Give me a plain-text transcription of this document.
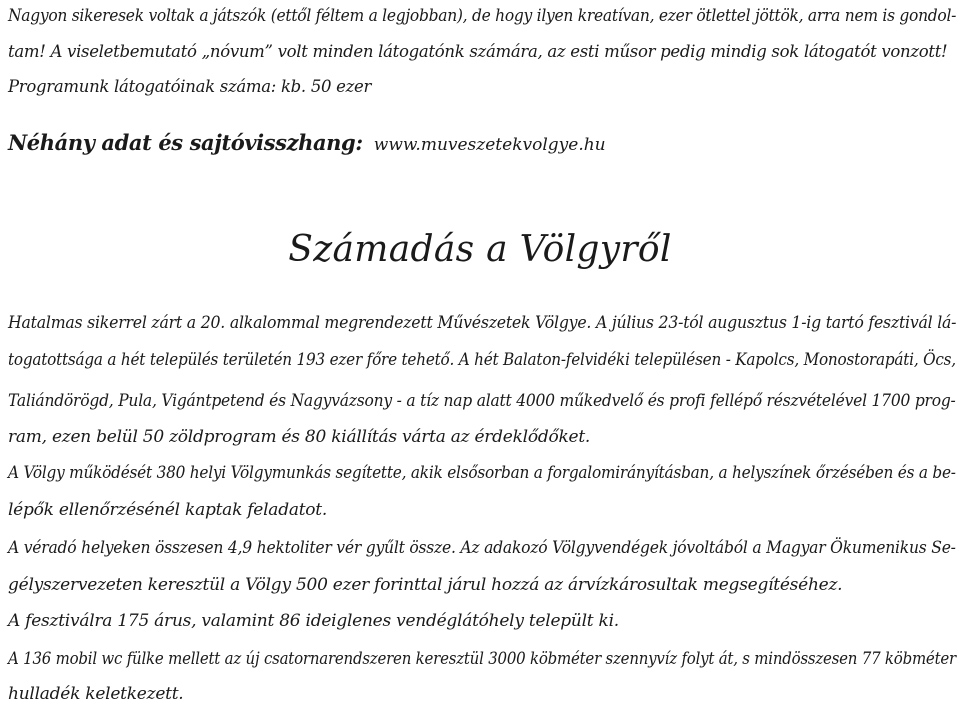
Nagyon sikeresek voltak a játszók (ettől féltem a legjobban), de hogy ilyen kreatívan, ezer ötlettel jöttök, arra nem is gondol-
tam! A viseletbemutató „nóvum” volt minden látogatónk számára, az esti műsor pedig mindig sok látogatót vonzott!
Programunk látogatóinak száma: kb. 50 ezer
Néhány adat és sajtóvisszhang: www.muveszetekvolgye.hu
Számadás a Völgyről
Hatalmas sikerrel zárt a 20. alkalommal megrendezett Művészetek Völgye. A július 23-tól augusztus 1-ig tartó fesztivál lá-
togatottsága a hét település területén 193 ezer főre tehető. A hét Balaton-felvidéki településen - Kapolcs, Monostorapáti, Öcs,
Taliándörögd, Pula, Vigántpetend és Nagyvázsony - a tíz nap alatt 4000 műkedvelő és profi fellépő részvételével 1700 prog-
ram, ezen belül 50 zöldprogram és 80 kiállítás várta az érdeklődőket.
A Völgy működését 380 helyi Völgymunkás segítette, akik elsősorban a forgalomirányításban, a helyszínek őrzésében és a be-
lépők ellenőrzésénél kaptak feladatot.
A véradó helyeken összesen 4,9 hektoliter vér gyűlt össze. Az adakozó Völgyvendégek jóvoltából a Magyar Ökumenikus Se-
gélyszervezeten keresztül a Völgy 500 ezer forinttal járul hozzá az árvízkárosultak megsegítéséhez.
A fesztiválra 175 árus, valamint 86 ideiglenes vendéglátóhely települt ki.
A 136 mobil wc fülke mellett az új csatornarendszeren keresztül 3000 köbméter szennyvíz folyt át, s mindösszesen 77 köbméter
hulladék keletkezett.
